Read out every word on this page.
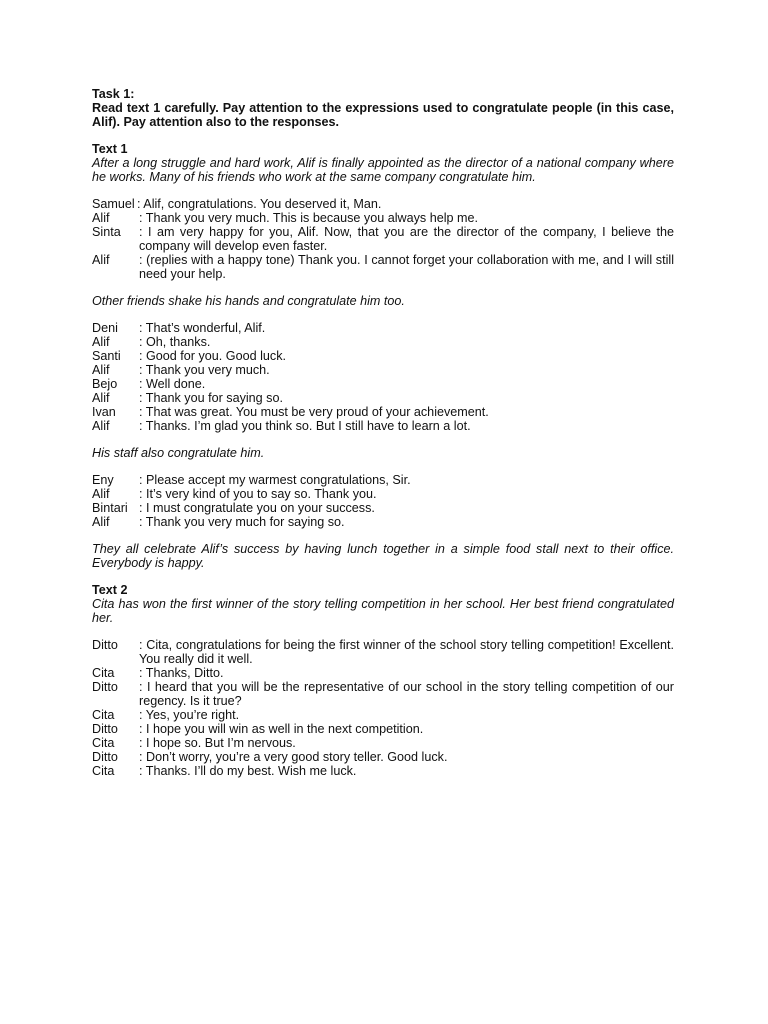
Task 1:
Read text 1 carefully. Pay attention to the expressions used to congratulate people (in this case, Alif). Pay attention also to the responses.
Text 1
After a long struggle and hard work, Alif is finally appointed as the director of a national company where he works. Many of his friends who work at the same company congratulate him.
Samuel : Alif, congratulations. You deserved it, Man.
Alif	: Thank you very much. This is because you always help me.
Sinta	: I am very happy for you, Alif. Now, that you are the director of the company, I believe the company will develop even faster.
Alif	: (replies with a happy tone) Thank you. I cannot forget your collaboration with me, and I will still need your help.
Other friends shake his hands and congratulate him too.
Deni	: That’s wonderful, Alif.
Alif	: Oh, thanks.
Santi	: Good for you. Good luck.
Alif	: Thank you very much.
Bejo	: Well done.
Alif	: Thank you for saying so.
Ivan	: That was great. You must be very proud of your achievement.
Alif	: Thanks. I’m glad you think so. But I still have to learn a lot.
His staff also congratulate him.
Eny	: Please accept my warmest congratulations, Sir.
Alif	: It’s very kind of you to say so. Thank you.
Bintari : I must congratulate you on your success.
Alif	: Thank you very much for saying so.
They all celebrate Alif’s success by having lunch together in a simple food stall next to their office. Everybody is happy.
Text 2
Cita has won the first winner of the story telling competition in her school. Her best friend congratulated her.
Ditto	: Cita, congratulations for being the first winner of the school story telling competition! Excellent. You really did it well.
Cita	: Thanks, Ditto.
Ditto	: I heard that you will be the representative of our school in the story telling competition of our regency. Is it true?
Cita	: Yes, you’re right.
Ditto	: I hope you will win as well in the next competition.
Cita	: I hope so. But I’m nervous.
Ditto	: Don’t worry, you’re a very good story teller. Good luck.
Cita	: Thanks. I’ll do my best. Wish me luck.
